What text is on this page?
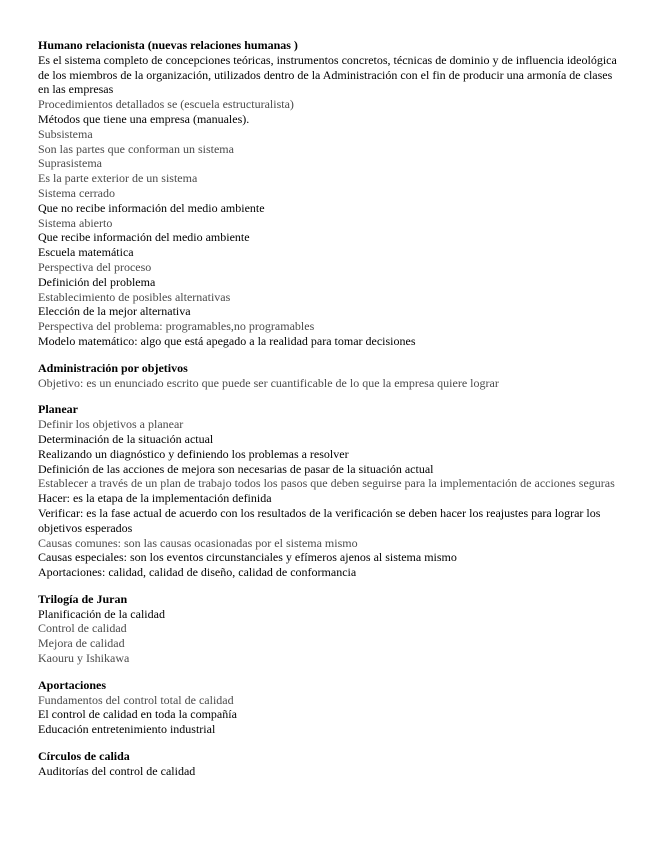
Humano relacionista (nuevas relaciones humanas )
Es el sistema completo de concepciones teóricas, instrumentos concretos, técnicas de dominio y de influencia ideológica de los miembros de la organización, utilizados dentro de la Administración con el fin de producir una armonía de clases en las empresas
Procedimientos detallados se (escuela estructuralista)
Métodos que tiene una empresa (manuales).
Subsistema
Son las partes que conforman un sistema
Suprasistema
Es la parte exterior de un sistema
Sistema cerrado
Que no recibe información del medio ambiente
Sistema abierto
Que recibe información del medio ambiente
Escuela matemática
Perspectiva del proceso
Definición del problema
Establecimiento de posibles alternativas
Elección de la mejor alternativa
Perspectiva del problema: programables,no programables
Modelo matemático: algo que está apegado a la realidad para tomar decisiones
Administración por objetivos
Objetivo: es un enunciado escrito que puede ser cuantificable de lo que la empresa quiere lograr
Planear
Definir los objetivos a planear
Determinación de la situación actual
Realizando un diagnóstico y definiendo los problemas a resolver
Definición de las acciones de mejora son necesarias de pasar de la situación actual
Establecer a través de un plan de trabajo todos los pasos que deben seguirse para la implementación de acciones seguras
Hacer: es la etapa de la implementación definida
Verificar: es la fase actual de acuerdo con los resultados de la verificación se deben hacer los reajustes para lograr los objetivos esperados
Causas comunes: son las causas ocasionadas por el sistema mismo
Causas especiales: son los eventos circunstanciales y efímeros ajenos al sistema mismo
Aportaciones: calidad, calidad de diseño, calidad de conformancia
Trilogía de Juran
Planificación de la calidad
Control de calidad
Mejora de calidad
Kaouru y Ishikawa
Aportaciones
Fundamentos del control total de calidad
El control de calidad en toda la compañía
Educación entretenimiento industrial
Círculos de calida
Auditorías del control de calidad
